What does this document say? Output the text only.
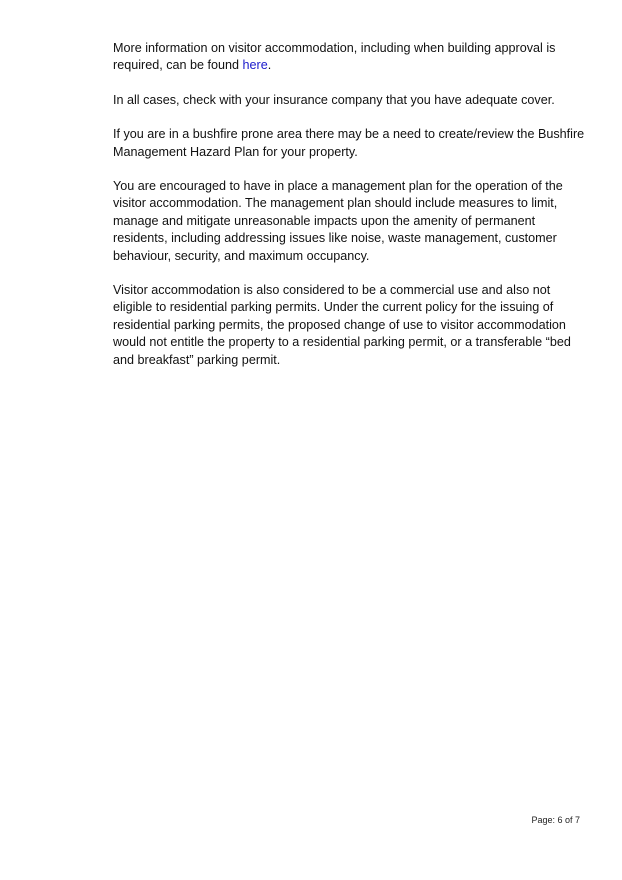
More information on visitor accommodation, including when building approval is required, can be found here.

In all cases, check with your insurance company that you have adequate cover.

If you are in a bushfire prone area there may be a need to create/review the Bushfire Management Hazard Plan for your property.

You are encouraged to have in place a management plan for the operation of the visitor accommodation. The management plan should include measures to limit, manage and mitigate unreasonable impacts upon the amenity of permanent residents, including addressing issues like noise, waste management, customer behaviour, security, and maximum occupancy.

Visitor accommodation is also considered to be a commercial use and also not eligible to residential parking permits. Under the current policy for the issuing of residential parking permits, the proposed change of use to visitor accommodation would not entitle the property to a residential parking permit, or a transferable “bed and breakfast” parking permit.

Page: 6 of 7
